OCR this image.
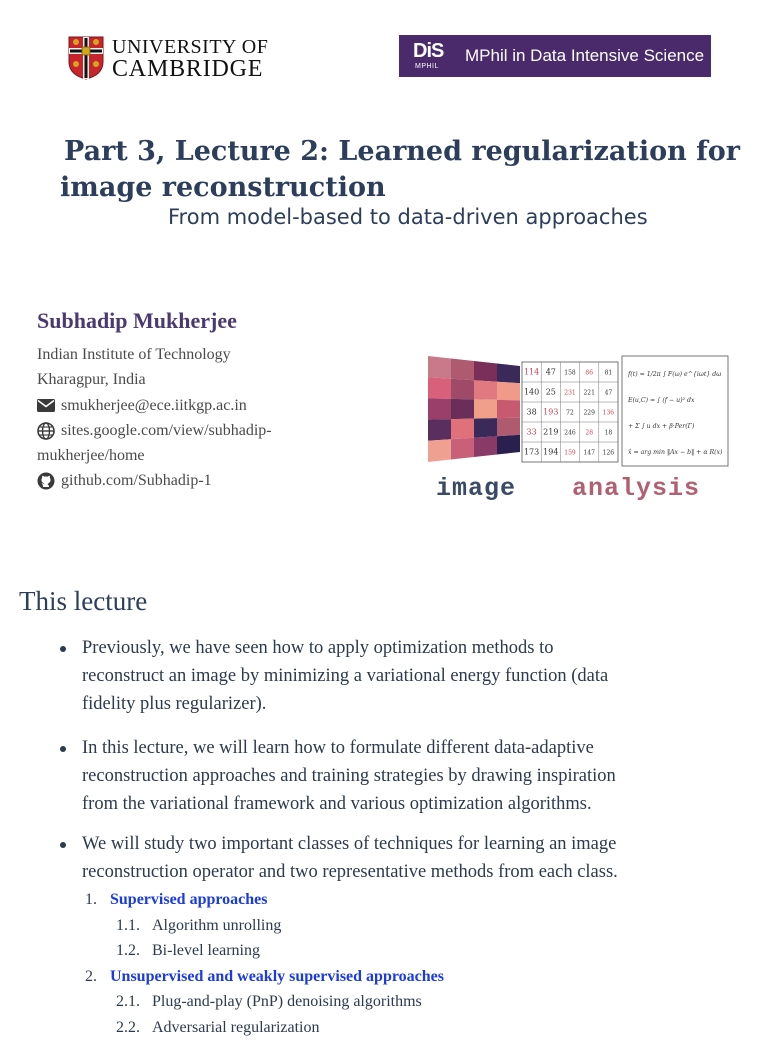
UNIVERSITY OF
CAMBRIDGE
DiS
MPHIL
MPhil in Data Intensive Science
Part 3, Lecture 2: Learned regularization for
image reconstruction
From model-based to data-driven approaches
Subhadip Mukherjee
Indian Institute of Technology
Kharagpur, India
smukherjee@ece.iitkgp.ac.in
sites.google.com/view/subhadip-
mukherjee/home
github.com/Subhadip-1
114 47 158 86 81
140 25 231 221 47
38 193 72 229 136
33 219 246 28 18
173 194 159 147 126
f(t) = 1/2π ∫ F(ω) e^{iωt} dω
E(u,C) = ∫ (f − u)² dx
+ Σ ∫ u dx + β·Per(Γ)
x̂ = arg min ‖Ax − b‖ + α R(x)
image analysis
This lecture
Previously, we have seen how to apply optimization methods to
reconstruct an image by minimizing a variational energy function (data
fidelity plus regularizer).
In this lecture, we will learn how to formulate different data-adaptive
reconstruction approaches and training strategies by drawing inspiration
from the variational framework and various optimization algorithms.
We will study two important classes of techniques for learning an image
reconstruction operator and two representative methods from each class.
1. Supervised approaches
1.1. Algorithm unrolling
1.2. Bi-level learning
2. Unsupervised and weakly supervised approaches
2.1. Plug-and-play (PnP) denoising algorithms
2.2. Adversarial regularization
